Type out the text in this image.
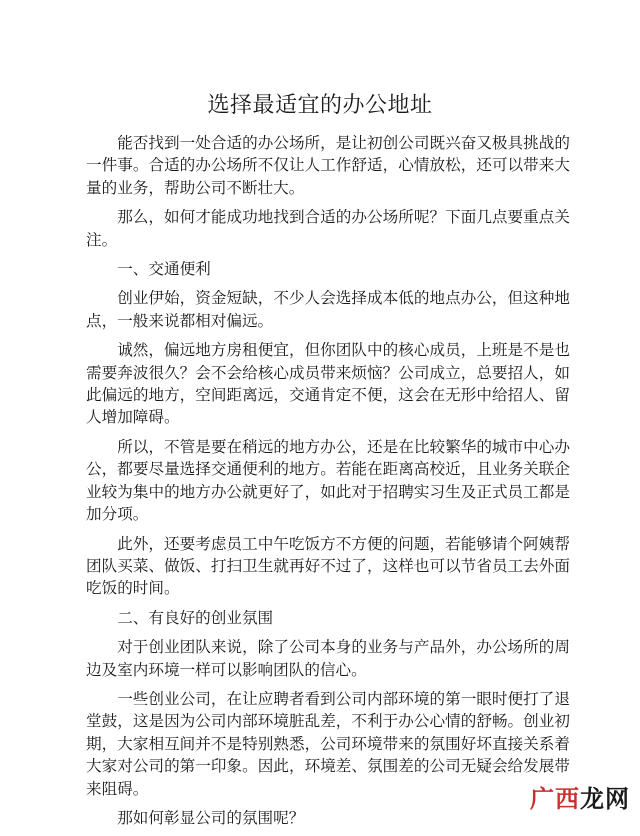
选择最适宜的办公地址

能否找到一处合适的办公场所，是让初创公司既兴奋又极具挑战的一件事。合适的办公场所不仅让人工作舒适，心情放松，还可以带来大量的业务，帮助公司不断壮大。

那么，如何才能成功地找到合适的办公场所呢？下面几点要重点关注。

一、交通便利

创业伊始，资金短缺，不少人会选择成本低的地点办公，但这种地点，一般来说都相对偏远。

诚然，偏远地方房租便宜，但你团队中的核心成员，上班是不是也需要奔波很久？会不会给核心成员带来烦恼？公司成立，总要招人，如此偏远的地方，空间距离远，交通肯定不便，这会在无形中给招人、留人增加障碍。

所以，不管是要在稍远的地方办公，还是在比较繁华的城市中心办公，都要尽量选择交通便利的地方。若能在距离高校近，且业务关联企业较为集中的地方办公就更好了，如此对于招聘实习生及正式员工都是加分项。

此外，还要考虑员工中午吃饭方不方便的问题，若能够请个阿姨帮团队买菜、做饭、打扫卫生就再好不过了，这样也可以节省员工去外面吃饭的时间。

二、有良好的创业氛围

对于创业团队来说，除了公司本身的业务与产品外，办公场所的周边及室内环境一样可以影响团队的信心。

一些创业公司，在让应聘者看到公司内部环境的第一眼时便打了退堂鼓，这是因为公司内部环境脏乱差，不利于办公心情的舒畅。创业初期，大家相互间并不是特别熟悉，公司环境带来的氛围好坏直接关系着大家对公司的第一印象。因此，环境差、氛围差的公司无疑会给发展带来阻碍。

那如何彰显公司的氛围呢？

广西龙网
